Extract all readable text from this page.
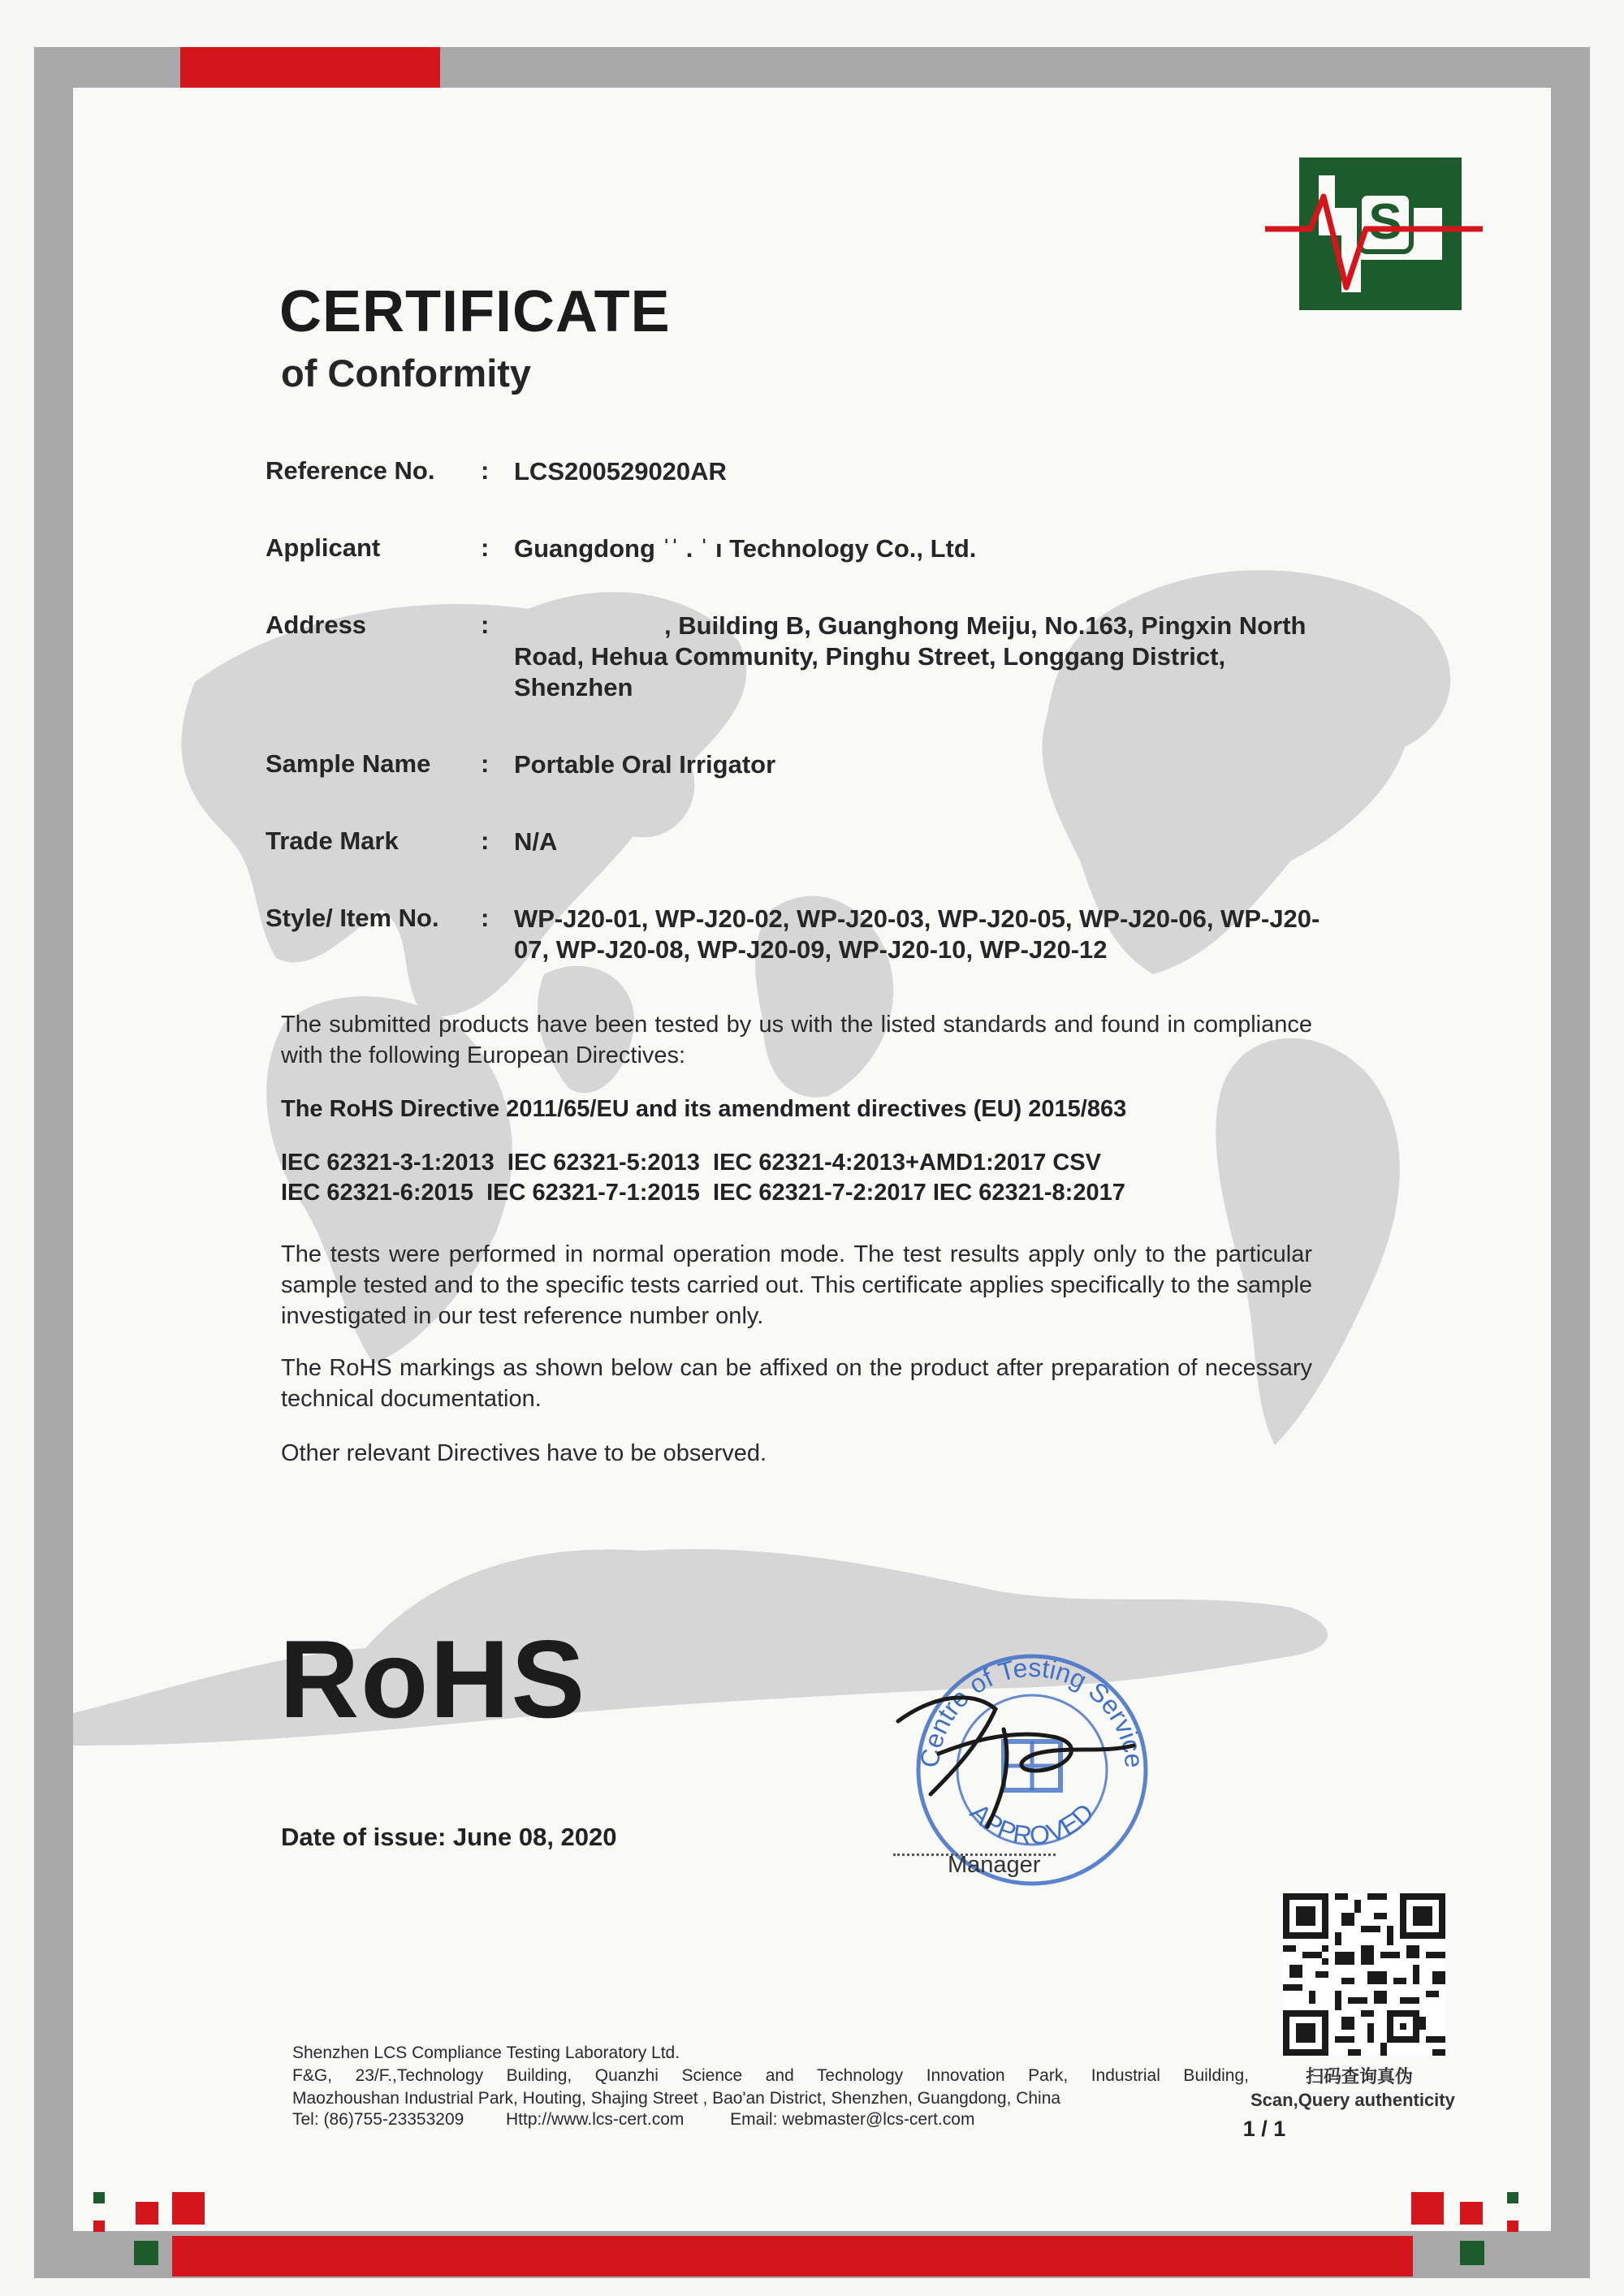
S
CERTIFICATE
of Conformity
Reference No. : LCS200529020AR
Applicant	: Guangdong ˈˈ . ˈ ı Technology Co., Ltd.
Address	:	, Building B, Guanghong Meiju, No.163, Pingxin North
Road, Hehua Community, Pinghu Street, Longgang District,
Shenzhen
Sample Name : Portable Oral Irrigator
Trade Mark	: N/A
Style/ Item No. : WP-J20-01, WP-J20-02, WP-J20-03, WP-J20-05, WP-J20-06, WP-J20-
07, WP-J20-08, WP-J20-09, WP-J20-10, WP-J20-12
The submitted products have been tested by us with the listed standards and found in compliance with the following European Directives:
The RoHS Directive 2011/65/EU and its amendment directives (EU) 2015/863
IEC 62321-3-1:2013  IEC 62321-5:2013  IEC 62321-4:2013+AMD1:2017 CSV
IEC 62321-6:2015  IEC 62321-7-1:2015  IEC 62321-7-2:2017 IEC 62321-8:2017
The tests were performed in normal operation mode. The test results apply only to the particular sample tested and to the specific tests carried out. This certificate applies specifically to the sample investigated in our test reference number only.
The RoHS markings as shown below can be affixed on the product after preparation of necessary technical documentation.
Other relevant Directives have to be observed.
RoHS
Date of issue: June 08, 2020
Centre of Testing Service
APPROVED
Manager
扫码查询真伪
Scan,Query authenticity
1 / 1
Shenzhen LCS Compliance Testing Laboratory Ltd.
F&G, 23/F.,Technology Building, Quanzhi Science and Technology Innovation Park, Industrial Building,
Maozhoushan Industrial Park, Houting, Shajing Street , Bao'an District, Shenzhen, Guangdong, China
Tel: (86)755-23353209 Http://www.lcs-cert.com	Email: webmaster@lcs-cert.com
